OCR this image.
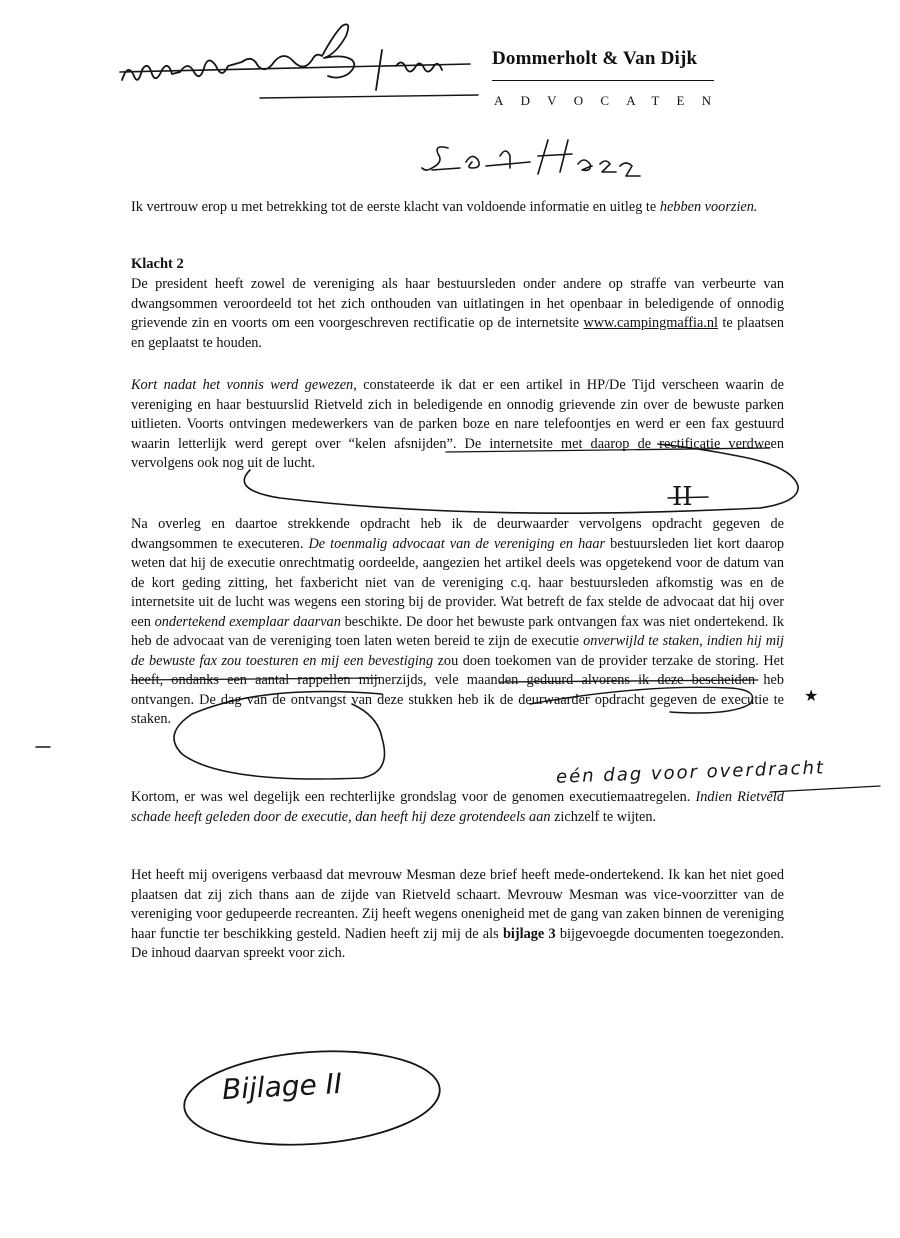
Dommerholt & Van Dijk
ADVOCATEN
Ik vertrouw erop u met betrekking tot de eerste klacht van voldoende informatie en uitleg te hebben voorzien.
Klacht 2
De president heeft zowel de vereniging als haar bestuursleden onder andere op straffe van verbeurte van dwangsommen veroordeeld tot het zich onthouden van uitlatingen in het openbaar in beledigende of onnodig grievende zin en voorts om een voorgeschreven rectificatie op de internetsite www.campingmaffia.nl te plaatsen en geplaatst te houden.
Kort nadat het vonnis werd gewezen, constateerde ik dat er een artikel in HP/De Tijd verscheen waarin de vereniging en haar bestuurslid Rietveld zich in beledigende en onnodig grievende zin over de bewuste parken uitlieten. Voorts ontvingen medewerkers van de parken boze en nare telefoontjes en werd er een fax gestuurd waarin letterlijk werd gerept over “kelen afsnijden”. De internetsite met daarop de rectificatie verdween vervolgens ook nog uit de lucht.
Na overleg en daartoe strekkende opdracht heb ik de deurwaarder vervolgens opdracht gegeven de dwangsommen te executeren. De toenmalig advocaat van de vereniging en haar bestuursleden liet kort daarop weten dat hij de executie onrechtmatig oordeelde, aangezien het artikel deels was opgetekend voor de datum van de kort geding zitting, het faxbericht niet van de vereniging c.q. haar bestuursleden afkomstig was en de internetsite uit de lucht was wegens een storing bij de provider. Wat betreft de fax stelde de advocaat dat hij over een ondertekend exemplaar daarvan beschikte. De door het bewuste park ontvangen fax was niet ondertekend. Ik heb de advocaat van de vereniging toen laten weten bereid te zijn de executie onverwijld te staken, indien hij mij de bewuste fax zou toesturen en mij een bevestiging zou doen toekomen van de provider terzake de storing. Het heeft, ondanks een aantal rappellen mijnerzijds, vele maanden geduurd alvorens ik deze bescheiden heb ontvangen. De dag van de ontvangst van deze stukken heb ik de deurwaarder opdracht gegeven de executie te staken.
Kortom, er was wel degelijk een rechterlijke grondslag voor de genomen executiemaatregelen. Indien Rietveld schade heeft geleden door de executie, dan heeft hij deze grotendeels aan zichzelf te wijten.
Het heeft mij overigens verbaasd dat mevrouw Mesman deze brief heeft mede-ondertekend. Ik kan het niet goed plaatsen dat zij zich thans aan de zijde van Rietveld schaart. Mevrouw Mesman was vice-voorzitter van de vereniging voor gedupeerde recreanten. Zij heeft wegens onenigheid met de gang van zaken binnen de vereniging haar functie ter beschikking gesteld. Nadien heeft zij mij de als bijlage 3 bijgevoegde documenten toegezonden. De inhoud daarvan spreekt voor zich.
II
★
eén dag voor overdracht
Bijlage II
